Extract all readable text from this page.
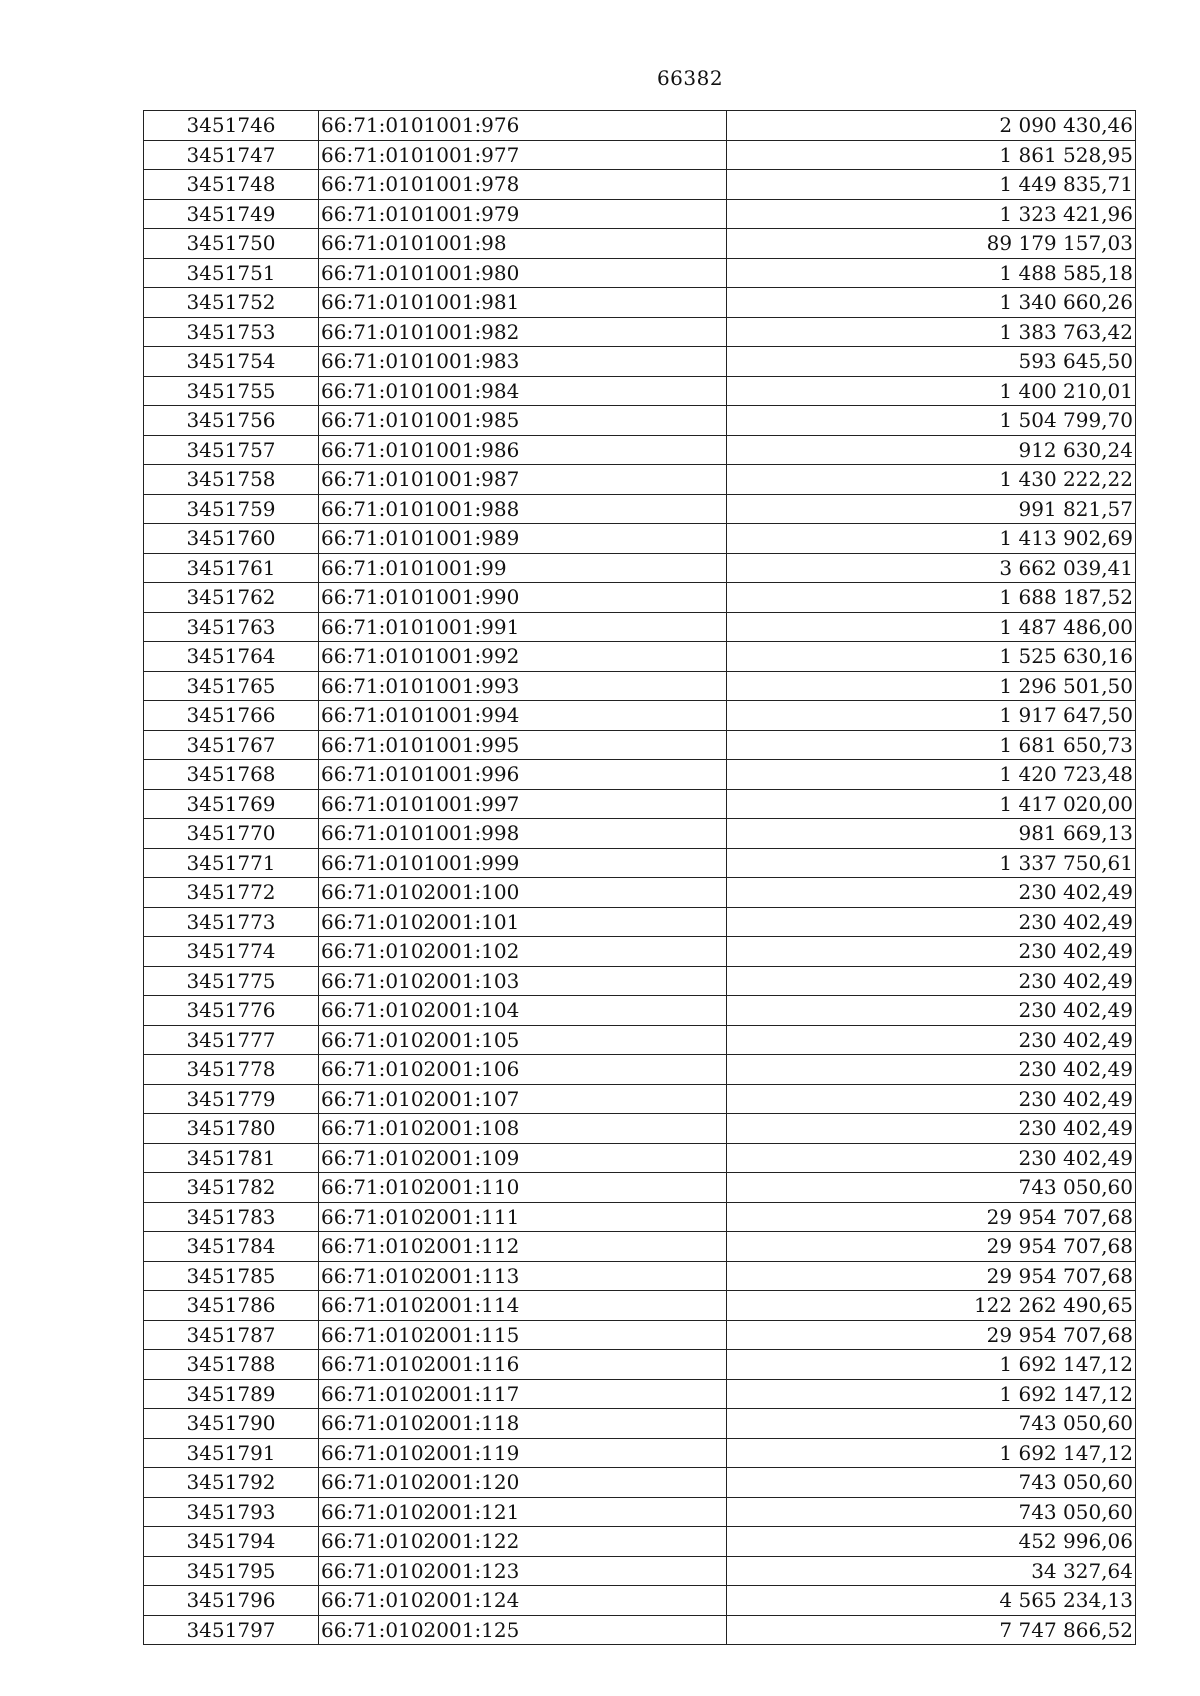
66382
3451746	66:71:0101001:976	2 090 430,46
3451747	66:71:0101001:977	1 861 528,95
3451748	66:71:0101001:978	1 449 835,71
3451749	66:71:0101001:979	1 323 421,96
3451750	66:71:0101001:98	89 179 157,03
3451751	66:71:0101001:980	1 488 585,18
3451752	66:71:0101001:981	1 340 660,26
3451753	66:71:0101001:982	1 383 763,42
3451754	66:71:0101001:983	593 645,50
3451755	66:71:0101001:984	1 400 210,01
3451756	66:71:0101001:985	1 504 799,70
3451757	66:71:0101001:986	912 630,24
3451758	66:71:0101001:987	1 430 222,22
3451759	66:71:0101001:988	991 821,57
3451760	66:71:0101001:989	1 413 902,69
3451761	66:71:0101001:99	3 662 039,41
3451762	66:71:0101001:990	1 688 187,52
3451763	66:71:0101001:991	1 487 486,00
3451764	66:71:0101001:992	1 525 630,16
3451765	66:71:0101001:993	1 296 501,50
3451766	66:71:0101001:994	1 917 647,50
3451767	66:71:0101001:995	1 681 650,73
3451768	66:71:0101001:996	1 420 723,48
3451769	66:71:0101001:997	1 417 020,00
3451770	66:71:0101001:998	981 669,13
3451771	66:71:0101001:999	1 337 750,61
3451772	66:71:0102001:100	230 402,49
3451773	66:71:0102001:101	230 402,49
3451774	66:71:0102001:102	230 402,49
3451775	66:71:0102001:103	230 402,49
3451776	66:71:0102001:104	230 402,49
3451777	66:71:0102001:105	230 402,49
3451778	66:71:0102001:106	230 402,49
3451779	66:71:0102001:107	230 402,49
3451780	66:71:0102001:108	230 402,49
3451781	66:71:0102001:109	230 402,49
3451782	66:71:0102001:110	743 050,60
3451783	66:71:0102001:111	29 954 707,68
3451784	66:71:0102001:112	29 954 707,68
3451785	66:71:0102001:113	29 954 707,68
3451786	66:71:0102001:114	122 262 490,65
3451787	66:71:0102001:115	29 954 707,68
3451788	66:71:0102001:116	1 692 147,12
3451789	66:71:0102001:117	1 692 147,12
3451790	66:71:0102001:118	743 050,60
3451791	66:71:0102001:119	1 692 147,12
3451792	66:71:0102001:120	743 050,60
3451793	66:71:0102001:121	743 050,60
3451794	66:71:0102001:122	452 996,06
3451795	66:71:0102001:123	34 327,64
3451796	66:71:0102001:124	4 565 234,13
3451797	66:71:0102001:125	7 747 866,52
